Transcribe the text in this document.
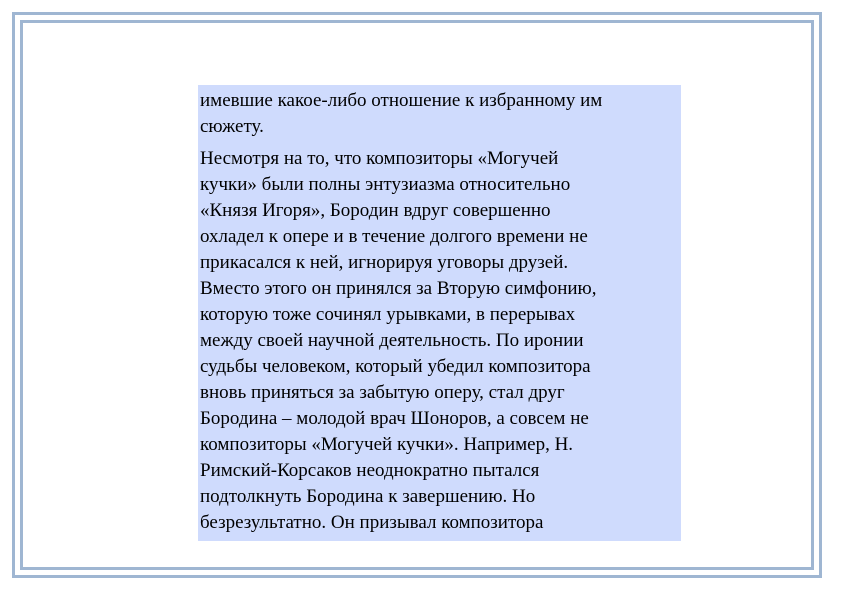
имевшие какое-либо отношение к избранному им
сюжету.

Несмотря на то, что композиторы «Могучей
кучки» были полны энтузиазма относительно
«Князя Игоря», Бородин вдруг совершенно
охладел к опере и в течение долгого времени не
прикасался к ней, игнорируя уговоры друзей.
Вместо этого он принялся за Вторую симфонию,
которую тоже сочинял урывками, в перерывах
между своей научной деятельность. По иронии
судьбы человеком, который убедил композитора
вновь приняться за забытую оперу, стал друг
Бородина – молодой врач Шоноров, а совсем не
композиторы «Могучей кучки». Например, Н.
Римский-Корсаков неоднократно пытался
подтолкнуть Бородина к завершению. Но
безрезультатно. Он призывал композитора
